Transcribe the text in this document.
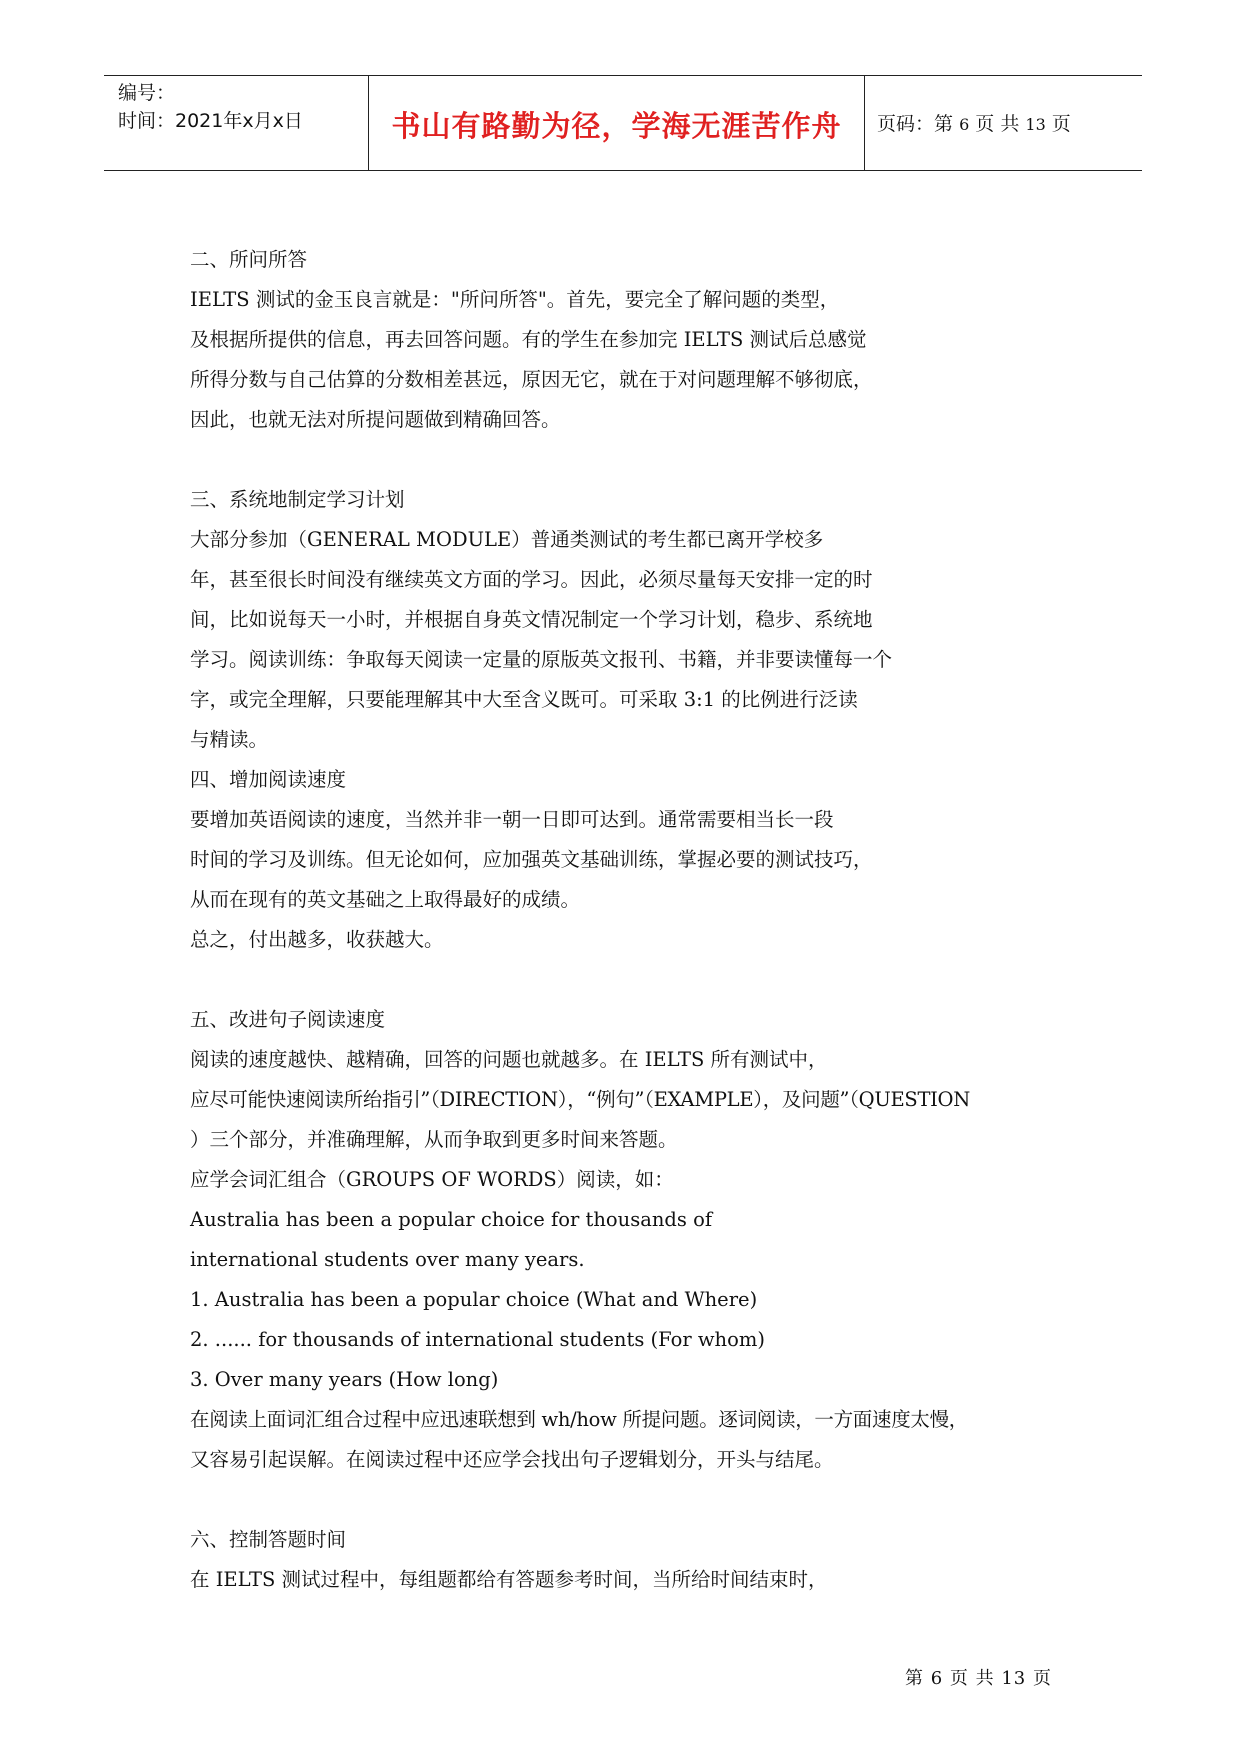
编号：
时间：2021年x月x日	书山有路勤为径，学海无涯苦作舟	页码：第 6 页 共 13 页
二、所问所答
IELTS 测试的金玉良言就是："所问所答"。首先，要完全了解问题的类型，
及根据所提供的信息，再去回答问题。有的学生在参加完 IELTS 测试后总感觉
所得分数与自己估算的分数相差甚远，原因无它，就在于对问题理解不够彻底，
因此，也就无法对所提问题做到精确回答。
三、系统地制定学习计划
大部分参加（GENERAL MODULE）普通类测试的考生都已离开学校多
年，甚至很长时间没有继续英文方面的学习。因此，必须尽量每天安排一定的时
间，比如说每天一小时，并根据自身英文情况制定一个学习计划，稳步、系统地
学习。阅读训练：争取每天阅读一定量的原版英文报刊、书籍，并非要读懂每一个
字，或完全理解，只要能理解其中大至含义既可。可采取 3:1 的比例进行泛读
与精读。
四、增加阅读速度
要增加英语阅读的速度，当然并非一朝一日即可达到。通常需要相当长一段
时间的学习及训练。但无论如何，应加强英文基础训练，掌握必要的测试技巧，
从而在现有的英文基础之上取得最好的成绩。
总之，付出越多，收获越大。
五、改进句子阅读速度
阅读的速度越快、越精确，回答的问题也就越多。在 IELTS 所有测试中，
应尽可能快速阅读所绐指引”（DIRECTION），“例句”（EXAMPLE），及问题”（QUESTION
）三个部分，并准确理解，从而争取到更多时间来答题。
应学会词汇组合（GROUPS OF WORDS）阅读，如：
Australia has been a popular choice for thousands of
international students over many years.
1. Australia has been a popular choice (What and Where)
2. ...... for thousands of international students (For whom)
3. Over many years (How long)
在阅读上面词汇组合过程中应迅速联想到 wh/how 所提问题。逐词阅读，一方面速度太慢，
又容易引起误解。在阅读过程中还应学会找出句子逻辑划分，开头与结尾。
六、控制答题时间
在 IELTS 测试过程中，每组题都给有答题参考时间，当所给时间结束时，
第 6 页 共 13 页
